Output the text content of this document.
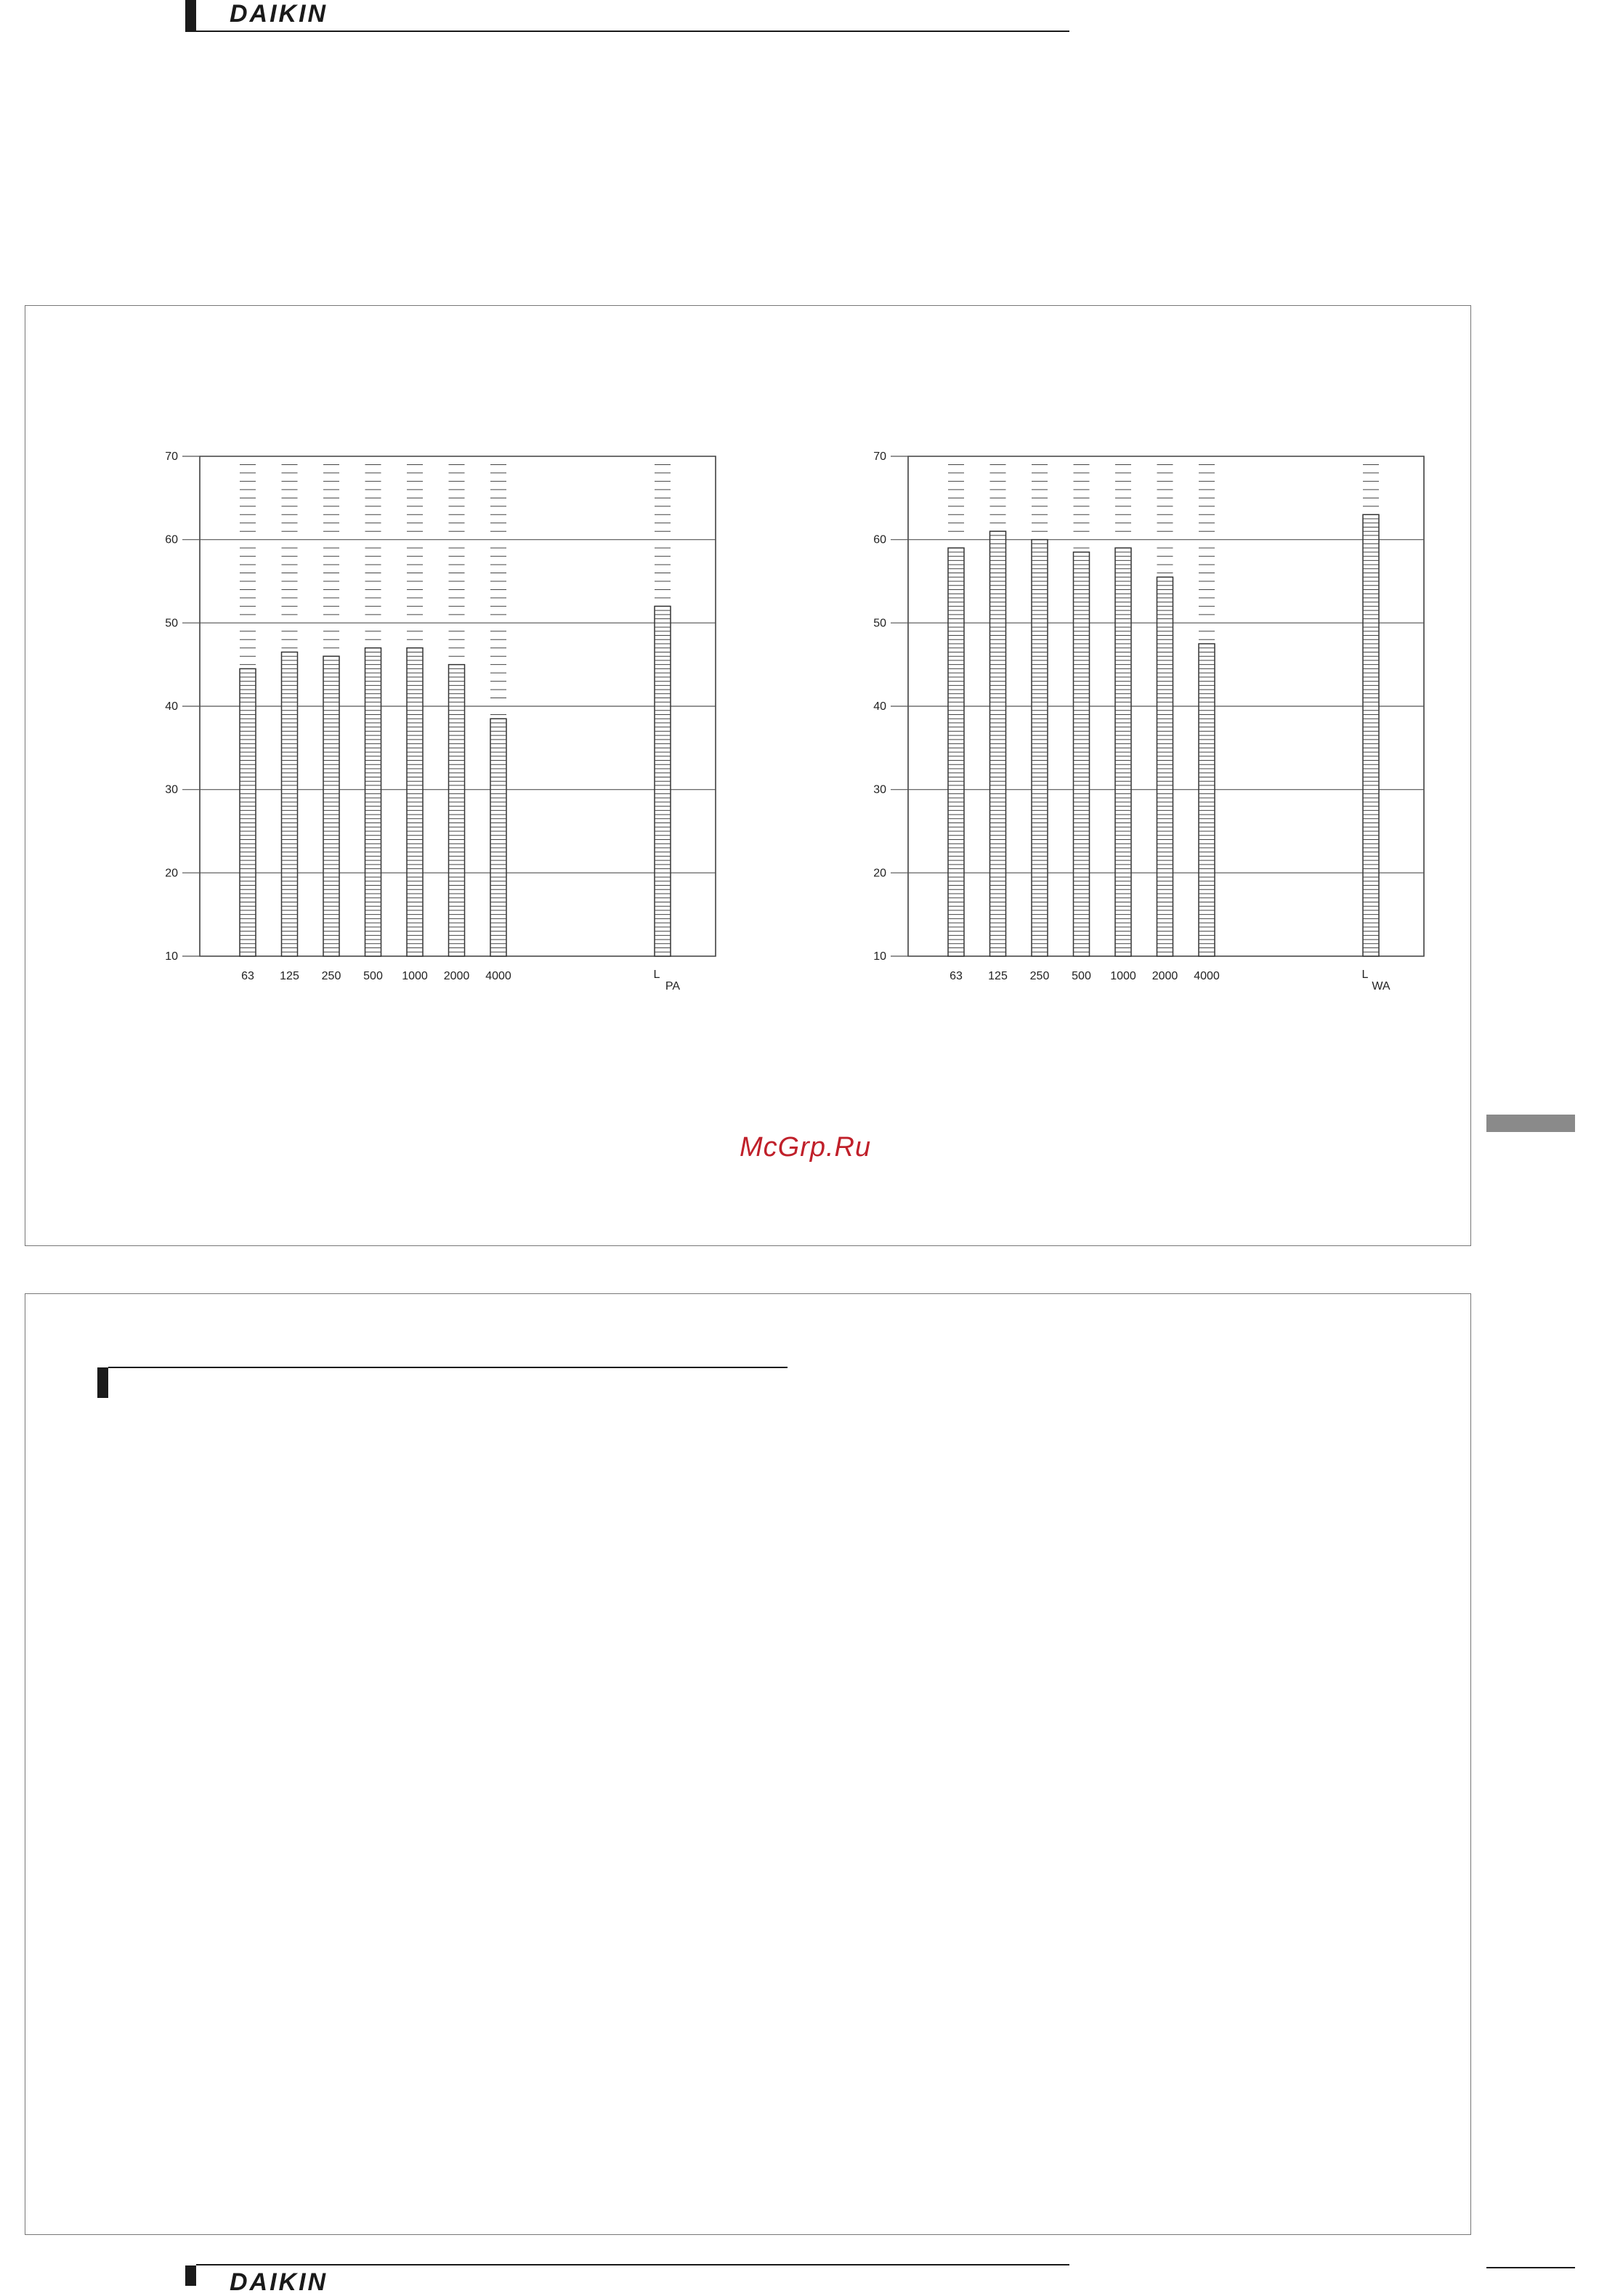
DAIKIN
10
20
30
40
50
60
70
63 125 250 500 1000 2000 4000	L
PA
10
20
30
40
50
60
70
63 125 250 500 1000 2000 4000	L
WA
McGrp.Ru
DAIKIN
